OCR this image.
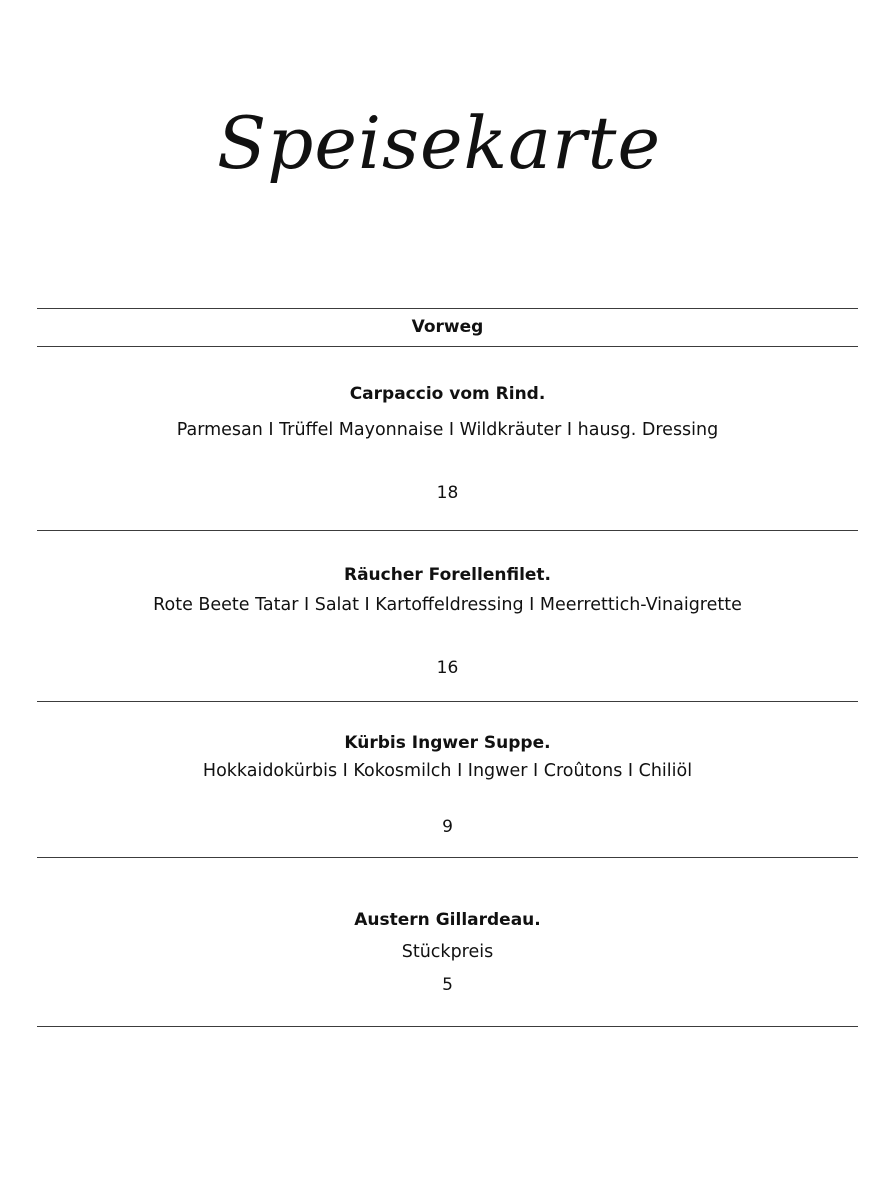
Speisekarte
Vorweg
Carpaccio vom Rind.
Parmesan I Trüffel Mayonnaise I Wildkräuter I hausg. Dressing
18
Räucher Forellenfilet.
Rote Beete Tatar I Salat I Kartoffeldressing I Meerrettich-Vinaigrette
16
Kürbis Ingwer Suppe.
Hokkaidokürbis I Kokosmilch I Ingwer I Croûtons I Chiliöl
9
Austern Gillardeau.
Stückpreis
5
